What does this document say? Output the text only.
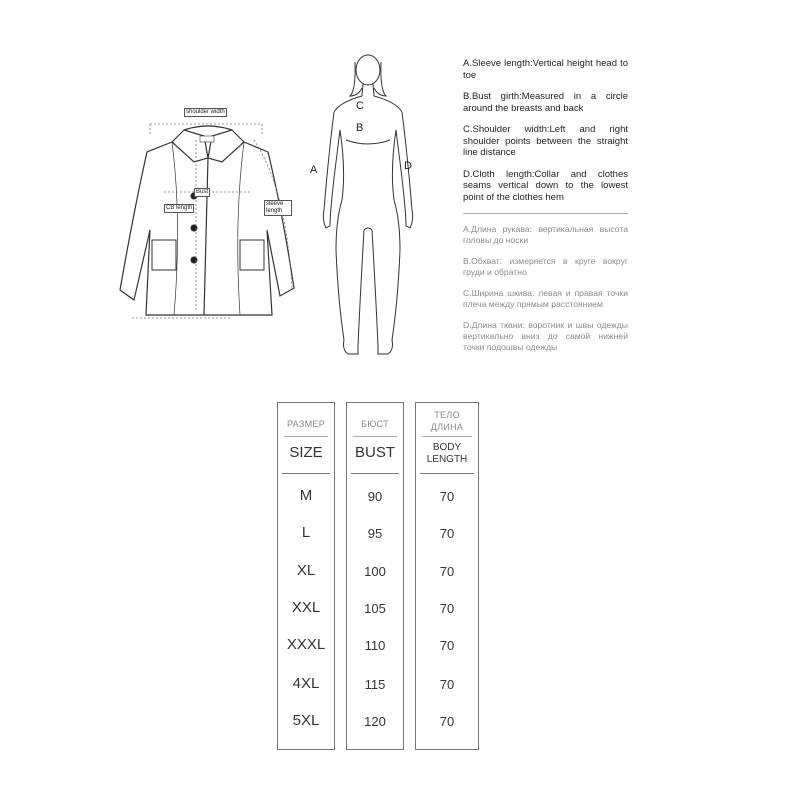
shoulder width
Bust
CB length
sleeve length
C
B
A	D

A.Sleeve length:Vertical height head to toe

B.Bust girth:Measured in a circle around the breasts and back

C.Shoulder width:Left and right shoulder points between the straight line distance

D.Cloth length:Collar and clothes seams vertical down to the lowest point of the clothes hem

A.Длина рукава: вертикальная высота головы до носки

B.Обхват: измеряется в круге вокруг груди и обратно

C.Ширина шкива: левая и правая точки плеча между прямым расстоянием

D.Длина ткани: воротник и швы одежды вертикально вниз до самой нижней точки подошвы одежды

РАЗМЕР
SIZE
M
L
XL
XXL
XXXL
4XL
5XL
БЮСТ
BUST
90
95
100
105
110
115
120
ТЕЛО
ДЛИНА
BODY
LENGTH
70
70
70
70
70
70
70
